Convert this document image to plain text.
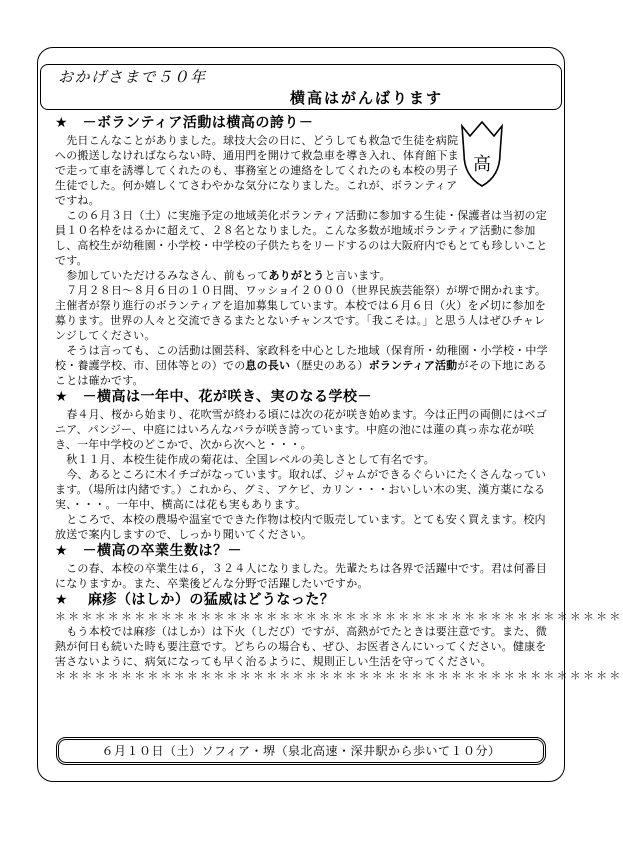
おかげさまで５０年
横高はがんばります
高
★　－ボランティア活動は横高の誇り－
　先日こんなことがありました。球技大会の日に、どうしても救急で生徒を病院への搬送しなければならない時、通用門を開けて救急車を導き入れ、体育館下まで走って車を誘導してくれたのも、事務室との連絡をしてくれたのも本校の男子生徒でした。何か嬉しくてさわやかな気分になりました。これが、ボランティアですね。
　この６月３日（土）に実施予定の地域美化ボランティア活動に参加する生徒・保護者は当初の定員１０名枠をはるかに超えて、２８名となりました。こんな多数が地域ボランティア活動に参加し、高校生が幼稚園・小学校・中学校の子供たちをリードするのは大阪府内でもとても珍しいことです。
　参加していただけるみなさん、前もってありがとうと言います。
　７月２８日～８月６日の１０日間、ワッショイ２０００（世界民族芸能祭）が堺で開かれます。主催者が祭り進行のボランティアを追加募集しています。本校では６月６日（火）を〆切に参加を募ります。世界の人々と交流できるまたとないチャンスです。「我こそは。」と思う人はぜひチャレンジしてください。
　そうは言っても、この活動は園芸科、家政科を中心とした地域（保育所・幼稚園・小学校・中学校・養護学校、市、団体等との）での息の長い（歴史のある）ボランティア活動がその下地にあることは確かです。
★　－横高は一年中、花が咲き、実のなる学校－
　春４月、桜から始まり、花吹雪が終わる頃には次の花が咲き始めます。今は正門の両側にはベゴニア、パンジー、中庭にはいろんなバラが咲き誇っています。中庭の池には蓮の真っ赤な花が咲き、一年中学校のどこかで、次から次へと・・・。
　秋１１月、本校生徒作成の菊花は、全国レベルの美しさとして有名です。
　今、あるところに木イチゴがなっています。取れば、ジャムができるぐらいにたくさんなっています。（場所は内緒です。）これから、グミ、アケビ、カリン・・・おいしい木の実、漢方薬になる実、・・・。一年中、横高には花も実もあります。
　ところで、本校の農場や温室でできた作物は校内で販売しています。とても安く買えます。校内放送で案内しますので、しっかり聞いてください。
★　－横高の卒業生数は？－
　この春、本校の卒業生は６，３２４人になりました。先輩たちは各界で活躍中です。君は何番目になりますか。また、卒業後どんな分野で活躍したいですか。
★　 麻疹（はしか）の猛威はどうなった？
＊＊＊＊＊＊＊＊＊＊＊＊＊＊＊＊＊＊＊＊＊＊＊＊＊＊＊＊＊＊＊＊＊＊＊＊＊＊＊＊＊＊＊
　もう本校では麻疹（はしか）は下火（しだび）ですが、高熱がでたときは要注意です。また、微熱が何日も続いた時も要注意です。どちらの場合も、ぜひ、お医者さんにいってください。健康を害さないように、病気になっても早く治るように、規則正しい生活を守ってください。
＊＊＊＊＊＊＊＊＊＊＊＊＊＊＊＊＊＊＊＊＊＊＊＊＊＊＊＊＊＊＊＊＊＊＊＊＊＊＊＊＊＊＊
６月１０日（土）ソフィア・堺（泉北高速・深井駅から歩いて１０分）
